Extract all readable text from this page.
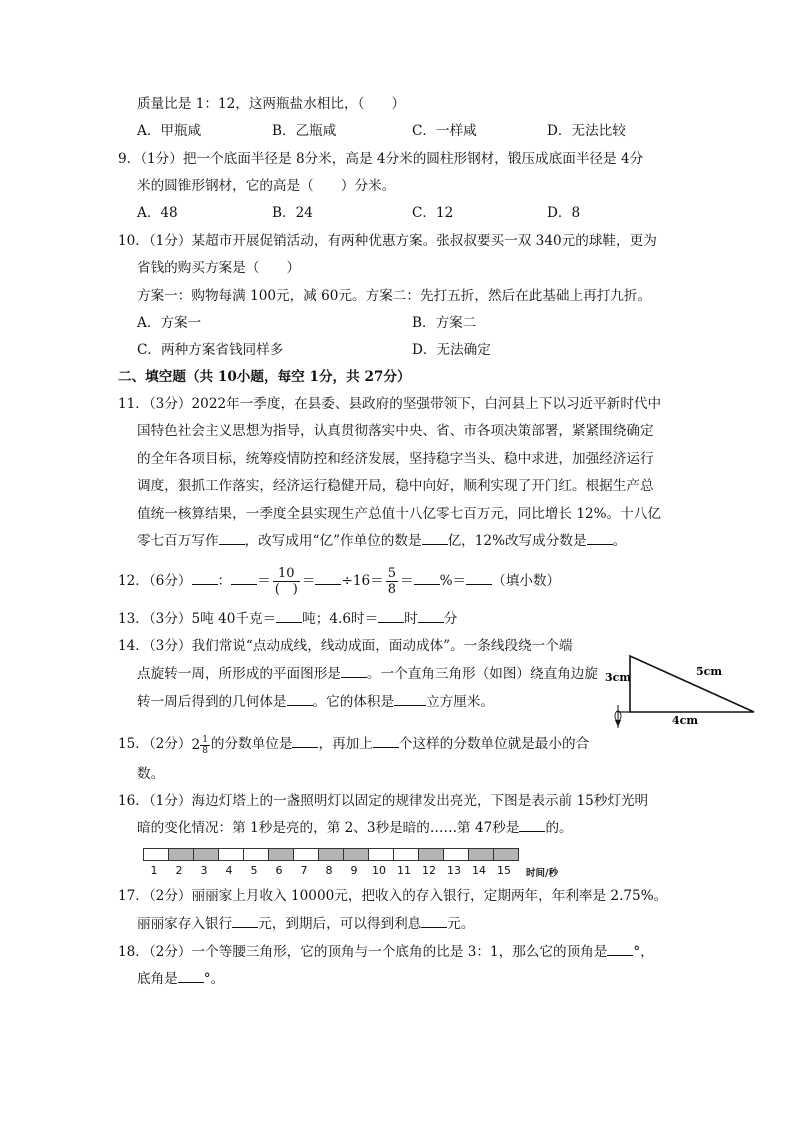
质量比是 1：12，这两瓶盐水相比，（　　）
A．甲瓶咸	B．乙瓶咸	C．一样咸	D．无法比较
9．（1分）把一个底面半径是 8分米，高是 4分米的圆柱形钢材，锻压成底面半径是 4分
米的圆锥形钢材，它的高是（　　）分米。
A．48	B．24	C．12	D．8
10．（1分）某超市开展促销活动，有两种优惠方案。张叔叔要买一双 340元的球鞋，更为
省钱的购买方案是（　　）
方案一：购物每满 100元，减 60元。方案二：先打五折，然后在此基础上再打九折。
A．方案一	B．方案二
C．两种方案省钱同样多	D．无法确定
二、填空题（共 10小题，每空 1分，共 27分）
11．（3分）2022年一季度，在县委、县政府的坚强带领下，白河县上下以习近平新时代中
国特色社会主义思想为指导，认真贯彻落实中央、省、市各项决策部署，紧紧围绕确定
的全年各项目标，统筹疫情防控和经济发展，坚持稳字当头、稳中求进，加强经济运行
调度，狠抓工作落实，经济运行稳健开局，稳中向好，顺利实现了开门红。根据生产总
值统一核算结果，一季度全县实现生产总值十八亿零七百万元，同比增长 12%。十八亿
零七百万写作 ，改写成用“亿”作单位的数是 亿，12%改写成分数是 。
12．（6分） ： ＝ $\frac{10}{( )} = \div 16= \frac{5}{8}$ ＝ %＝ （填小数）
13．（3分）5吨 40千克＝ 吨；4.6时＝ 时 分
14．（3分）我们常说“点动成线，线动成面，面动成体”。一条线段绕一个端
点旋转一周，所形成的平面图形是 。一个直角三角形（如图）绕直角边旋
转一周后得到的几何体是 。它的体积是 立方厘米。
3cm	5cm
4cm
15．（2分）$2 \frac{1}{8}$ 的分数单位是 ，再加上 个这样的分数单位就是最小的合
数。
16．（1分）海边灯塔上的一盏照明灯以固定的规律发出亮光，下图是表示前 15秒灯光明
暗的变化情况：第 1秒是亮的，第 2、3秒是暗的……第 47秒是 的。
1	2	3	4	5	6	7	8	9	10	11	12	13	14	15	时间/秒
17．（2分）丽丽家上月收入 10000元，把收入的存入银行，定期两年，年利率是 2.75%。
丽丽家存入银行 元，到期后，可以得到利息 元。
18．（2分）一个等腰三角形，它的顶角与一个底角的比是 3：1，那么它的顶角是 °，
底角是 °。
